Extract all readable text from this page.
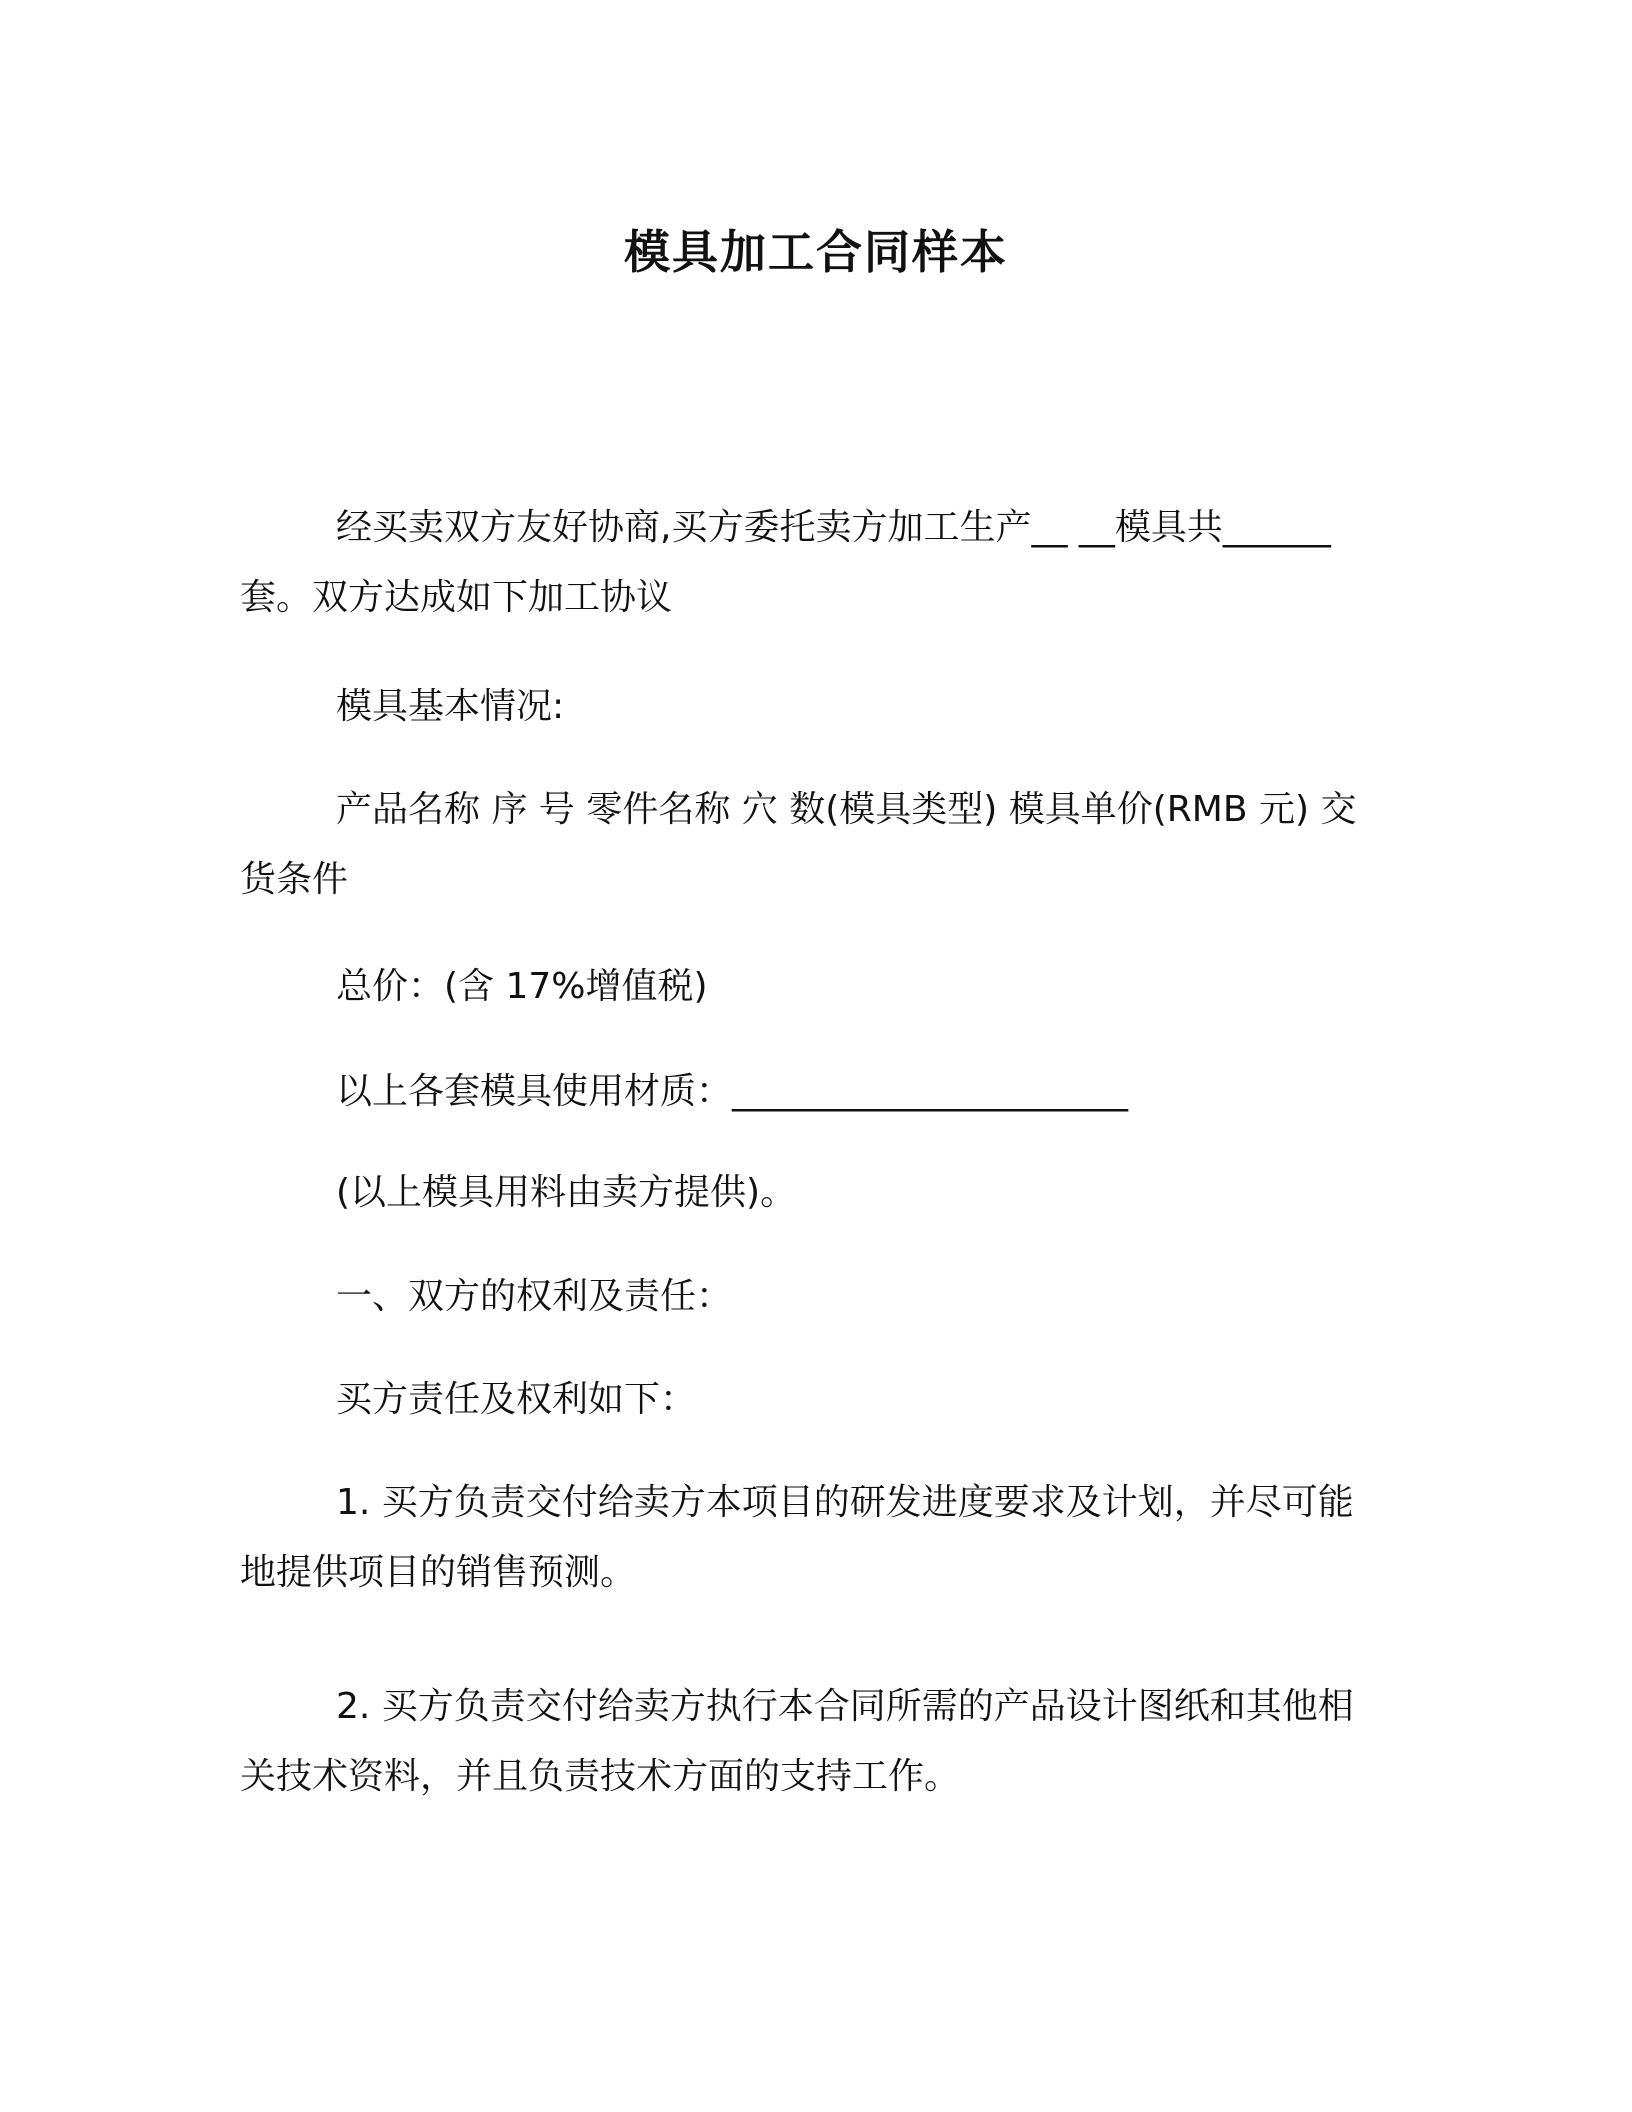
模具加工合同样本

经买卖双方友好协商,买方委托卖方加工生产__ __模具共______套。双方达成如下加工协议

模具基本情况:

产品名称 序 号 零件名称 穴 数(模具类型) 模具单价(RMB 元) 交货条件

总价：(含 17%增值税)

以上各套模具使用材质：______________________

(以上模具用料由卖方提供)。

一、双方的权利及责任：

买方责任及权利如下：

1. 买方负责交付给卖方本项目的研发进度要求及计划，并尽可能地提供项目的销售预测。

2. 买方负责交付给卖方执行本合同所需的产品设计图纸和其他相关技术资料，并且负责技术方面的支持工作。
